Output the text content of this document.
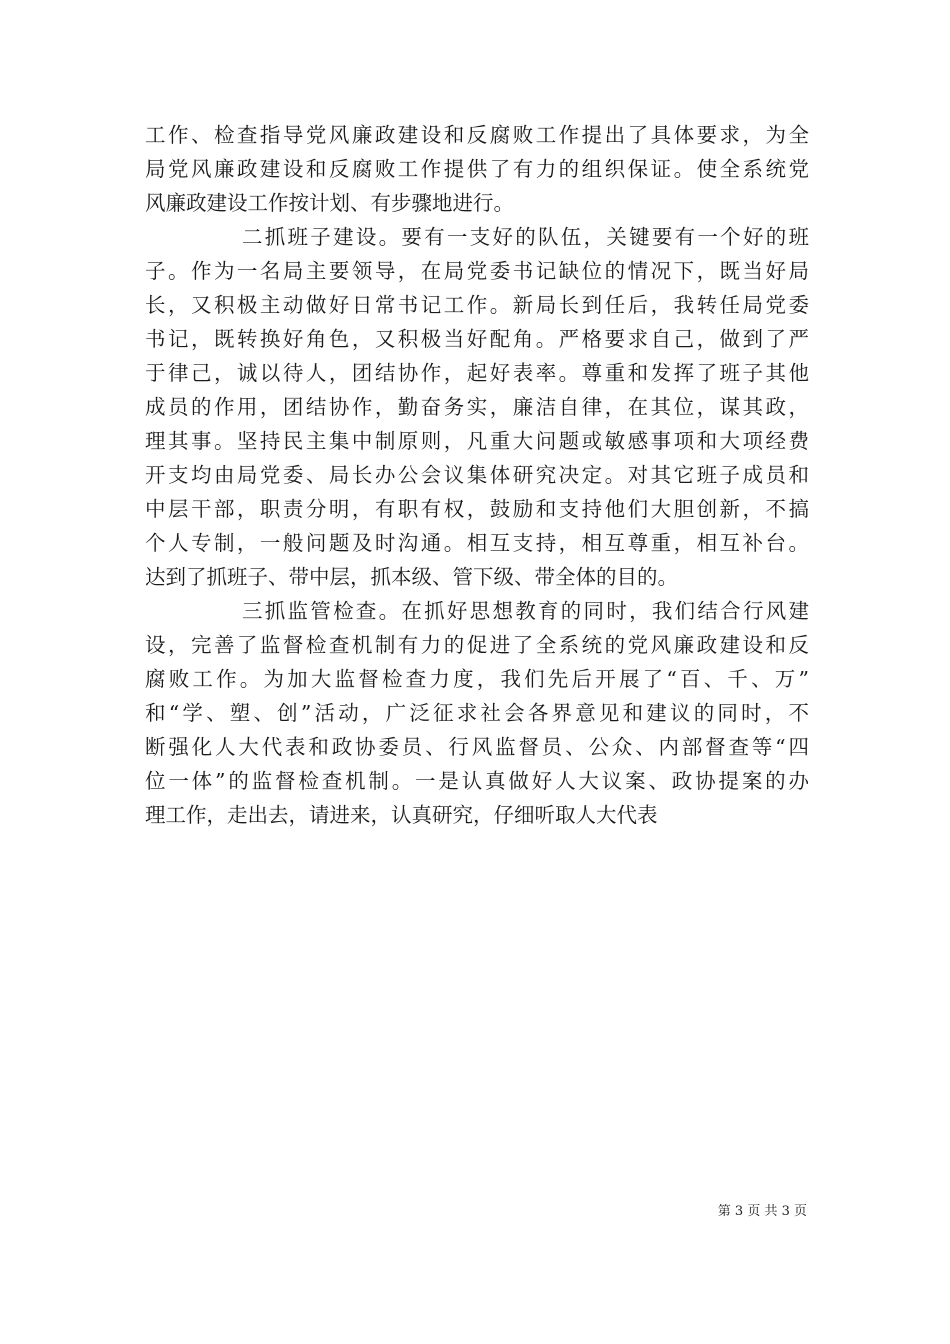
工作、检查指导党风廉政建设和反腐败工作提出了具体要求，为全
局党风廉政建设和反腐败工作提供了有力的组织保证。使全系统党
风廉政建设工作按计划、有步骤地进行。
二抓班子建设。要有一支好的队伍，关键要有一个好的班
子。作为一名局主要领导，在局党委书记缺位的情况下，既当好局
长，又积极主动做好日常书记工作。新局长到任后，我转任局党委
书记，既转换好角色，又积极当好配角。严格要求自己，做到了严
于律己，诚以待人，团结协作，起好表率。尊重和发挥了班子其他
成员的作用，团结协作，勤奋务实，廉洁自律，在其位，谋其政，
理其事。坚持民主集中制原则，凡重大问题或敏感事项和大项经费
开支均由局党委、局长办公会议集体研究决定。对其它班子成员和
中层干部，职责分明，有职有权，鼓励和支持他们大胆创新，不搞
个人专制，一般问题及时沟通。相互支持，相互尊重，相互补台。
达到了抓班子、带中层，抓本级、管下级、带全体的目的。
三抓监管检查。在抓好思想教育的同时，我们结合行风建
设，完善了监督检查机制有力的促进了全系统的党风廉政建设和反
腐败工作。为加大监督检查力度，我们先后开展了“百、千、万”
和“学、塑、创”活动，广泛征求社会各界意见和建议的同时，不
断强化人大代表和政协委员、行风监督员、公众、内部督查等“四
位一体”的监督检查机制。一是认真做好人大议案、政协提案的办
理工作，走出去，请进来，认真研究，仔细听取人大代表
第 3 页 共 3 页
